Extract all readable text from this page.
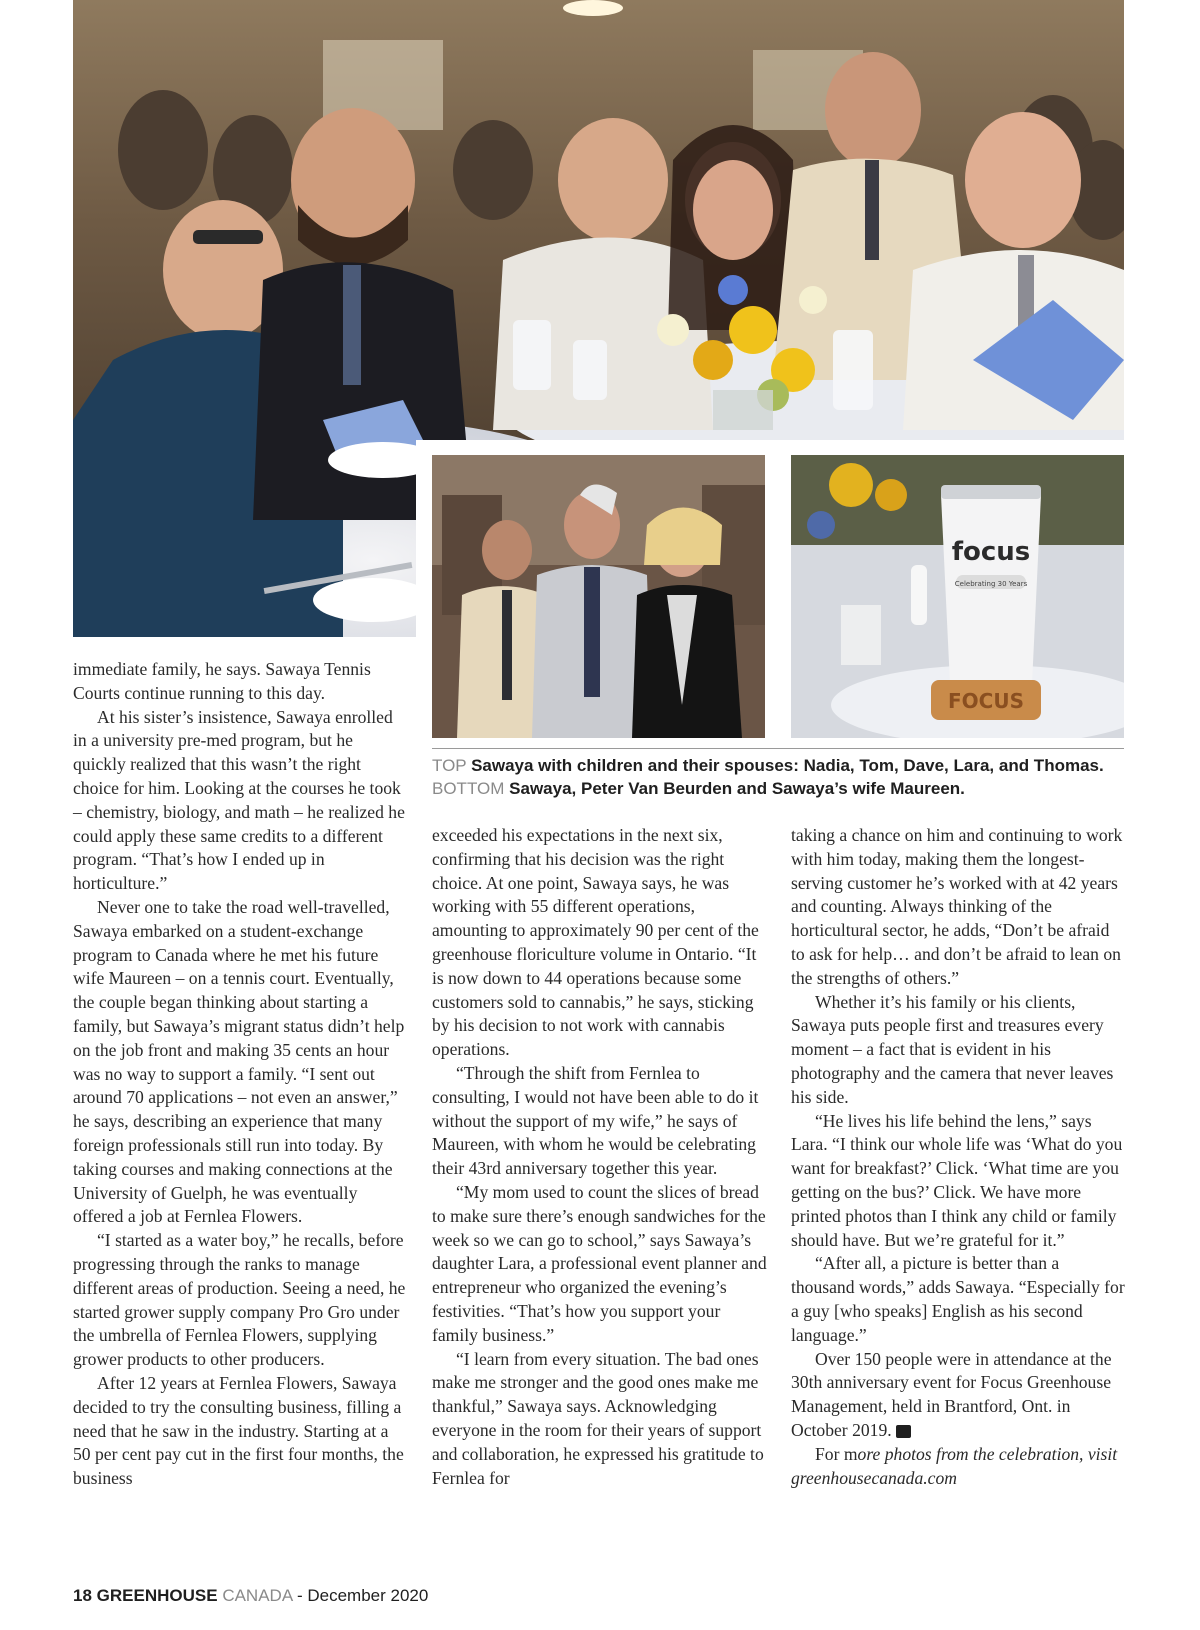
focus
Celebrating 30 Years
FOCUS
TOP Sawaya with children and their spouses: Nadia, Tom, Dave, Lara, and Thomas.
BOTTOM Sawaya, Peter Van Beurden and Sawaya’s wife Maureen.

immediate family, he says. Sawaya Tennis Courts continue running to this day.

At his sister’s insistence, Sawaya enrolled in a university pre-med program, but he quickly realized that this wasn’t the right choice for him. Looking at the courses he took – chemistry, biology, and math – he realized he could apply these same credits to a different program. “That’s how I ended up in horticulture.”

Never one to take the road well-travelled, Sawaya embarked on a student-exchange program to Canada where he met his future wife Maureen – on a tennis court. Eventually, the couple began thinking about starting a family, but Sawaya’s migrant status didn’t help on the job front and making 35 cents an hour was no way to support a family. “I sent out around 70 applications – not even an answer,” he says, describing an experience that many foreign professionals still run into today. By taking courses and making connections at the University of Guelph, he was eventually offered a job at Fernlea Flowers.

“I started as a water boy,” he recalls, before progressing through the ranks to manage different areas of production. Seeing a need, he started grower supply company Pro Gro under the umbrella of Fernlea Flowers, supplying grower products to other producers.

After 12 years at Fernlea Flowers, Sawaya decided to try the consulting business, filling a need that he saw in the industry. Starting at a 50 per cent pay cut in the first four months, the business

exceeded his expectations in the next six, confirming that his decision was the right choice. At one point, Sawaya says, he was working with 55 different operations, amounting to approximately 90 per cent of the greenhouse floriculture volume in Ontario. “It is now down to 44 operations because some customers sold to cannabis,” he says, sticking by his decision to not work with cannabis operations.

“Through the shift from Fernlea to consulting, I would not have been able to do it without the support of my wife,” he says of Maureen, with whom he would be celebrating their 43rd anniversary together this year.

“My mom used to count the slices of bread to make sure there’s enough sandwiches for the week so we can go to school,” says Sawaya’s daughter Lara, a professional event planner and entrepreneur who organized the evening’s festivities. “That’s how you support your family business.”

“I learn from every situation. The bad ones make me stronger and the good ones make me thankful,” Sawaya says. Acknowledging everyone in the room for their years of support and collaboration, he expressed his gratitude to Fernlea for

taking a chance on him and continuing to work with him today, making them the longest-serving customer he’s worked with at 42 years and counting. Always thinking of the horticultural sector, he adds, “Don’t be afraid to ask for help… and don’t be afraid to lean on the strengths of others.”

Whether it’s his family or his clients, Sawaya puts people first and treasures every moment – a fact that is evident in his photography and the camera that never leaves his side.

“He lives his life behind the lens,” says Lara. “I think our whole life was ‘What do you want for breakfast?’ Click. ‘What time are you getting on the bus?’ Click. We have more printed photos than I think any child or family should have. But we’re grateful for it.”

“After all, a picture is better than a thousand words,” adds Sawaya. “Especially for a guy [who speaks] English as his second language.”

Over 150 people were in attendance at the 30th anniversary event for Focus Greenhouse Management, held in Brantford, Ont. in October 2019.	GC

For more photos from the celebration, visit greenhousecanada.com

18 GREENHOUSE CANADA - December 2020
